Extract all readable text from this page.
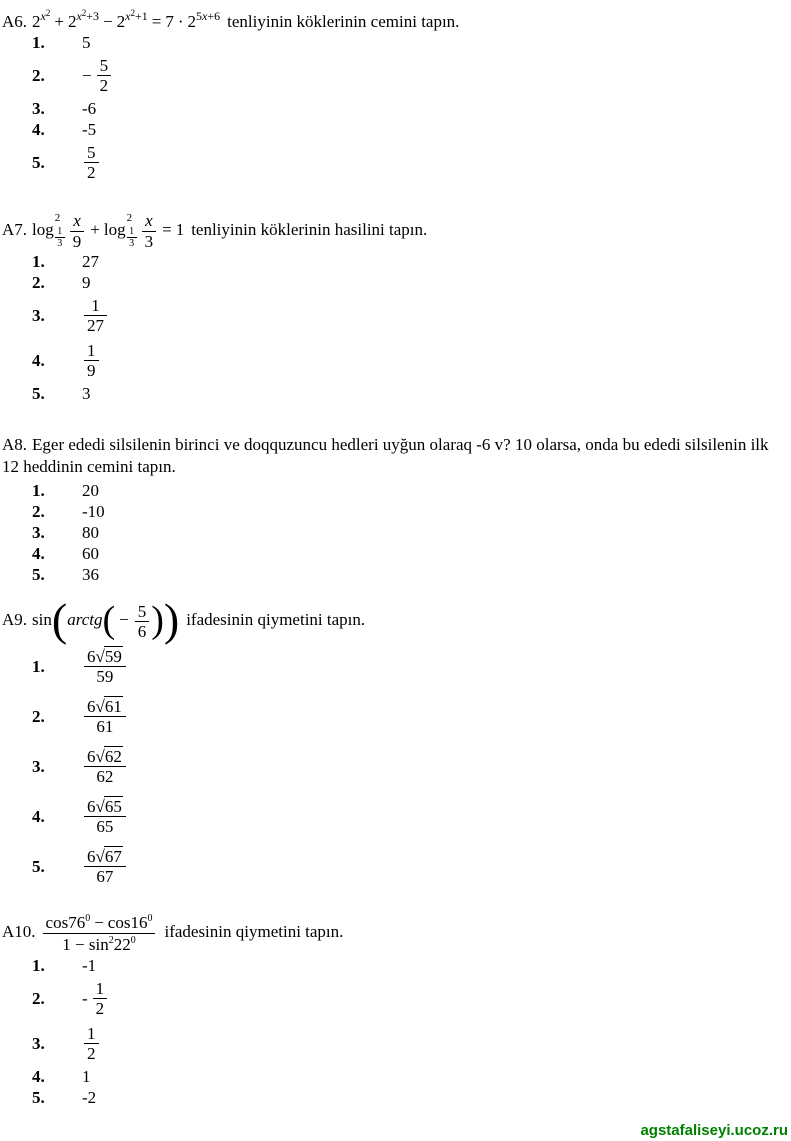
A6. $2^{x^2} + 2^{x^2+3} - 2^{x^2+1} = 7 \cdot 2^{5x+6}$ tenliyinin köklerinin cemini tapın.

1.	5
2.	− $\frac{5}{2}$
3.	-6
4.	-5
5.	$\frac{5}{2}$

A7. log
2
1
$3 \frac{x}{9} + \log$
2
1
$3 \frac{x}{3} = 1$ tenliyinin köklerinin hasilini tapın.

1.	27
2.	9
3.	$\frac{1}{27}$
4.	$\frac{1}{9}$
5.	3

A8. Eger ededi silsilenin birinci ve doqquzuncu hedleri uyğun olaraq -6 v? 10 olarsa, onda bu ededi silsilenin ilk 12 heddinin cemini tapın.

1.	20
2.	-10
3.	80
4.	60
5.	36

A9. sin(arctg( − $\frac{5}{6}$ )) ifadesinin qiymetini tapın.

1.	$\frac{6√59}{59}$
2.	$\frac{6√61}{61}$
3.	$\frac{6√62}{62}$
4.	$\frac{6√65}{65}$
5.	$\frac{6√67}{67}$

A10. $\frac{\cos 76^0 - \cos 16^0}{1 - \sin^222^0}$ ifadesinin qiymetini tapın.

1.	-1
2.	- $\frac{1}{2}$
3.	$\frac{1}{2}$
4.	1
5.	-2
agstafaliseyi.ucoz.ru
